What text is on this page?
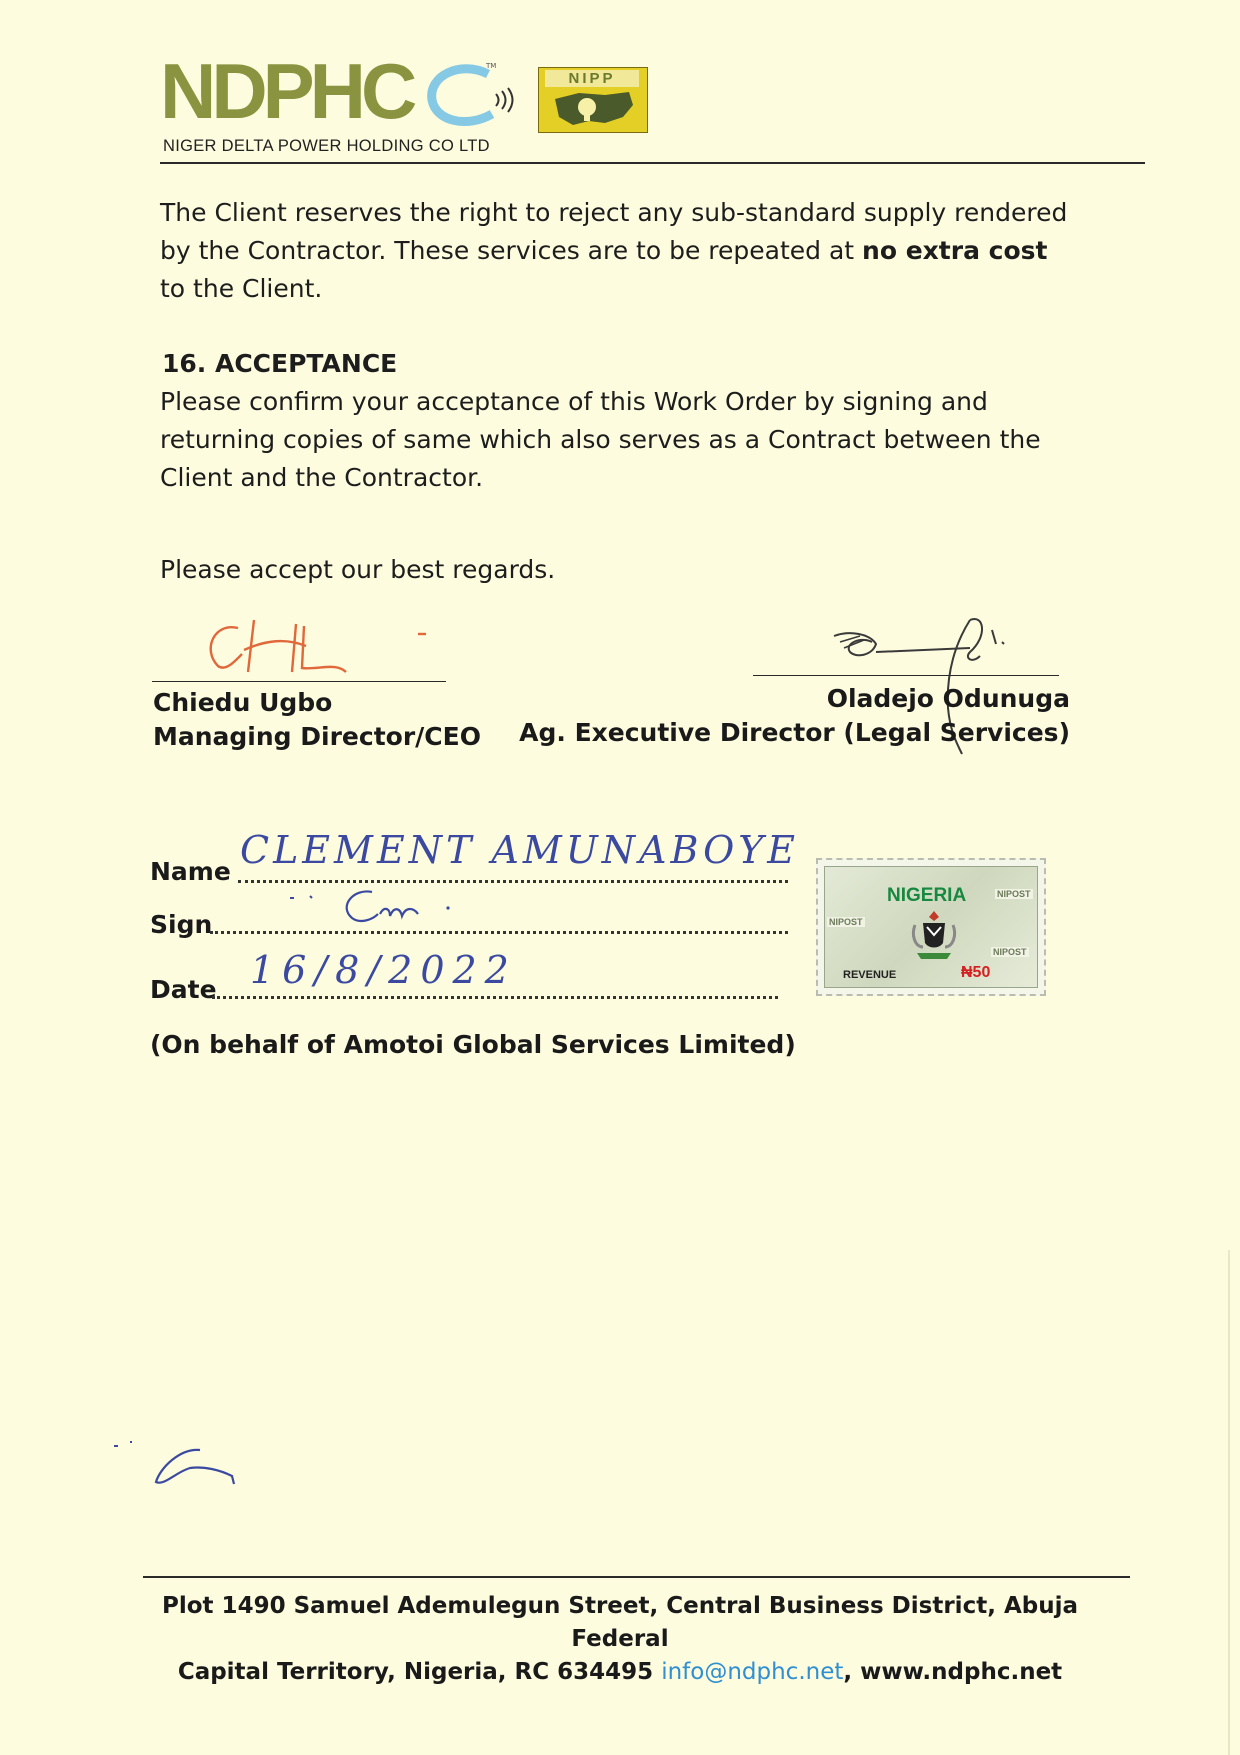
NDPHC	TM
NIPP
NIGER DELTA POWER HOLDING CO LTD
The Client reserves the right to reject any sub-standard supply rendered by the Contractor. These services are to be repeated at no extra cost to the Client.
16. ACCEPTANCE
Please confirm your acceptance of this Work Order by signing and returning copies of same which also serves as a Contract between the Client and the Contractor.
Please accept our best regards.
Chiedu Ugbo
Managing Director/CEO
Oladejo Odunuga
Ag. Executive Director (Legal Services)
Name CLEMENT AMUNABOYE
Sign
Date 16/8/2022
(On behalf of Amotoi Global Services Limited)
NIGERIA	NIPOST
NIPOST
NIPOST
REVENUE	₦50
Plot 1490 Samuel Ademulegun Street, Central Business District, Abuja Federal
Capital Territory, Nigeria, RC 634495 info@ndphc.net, www.ndphc.net
